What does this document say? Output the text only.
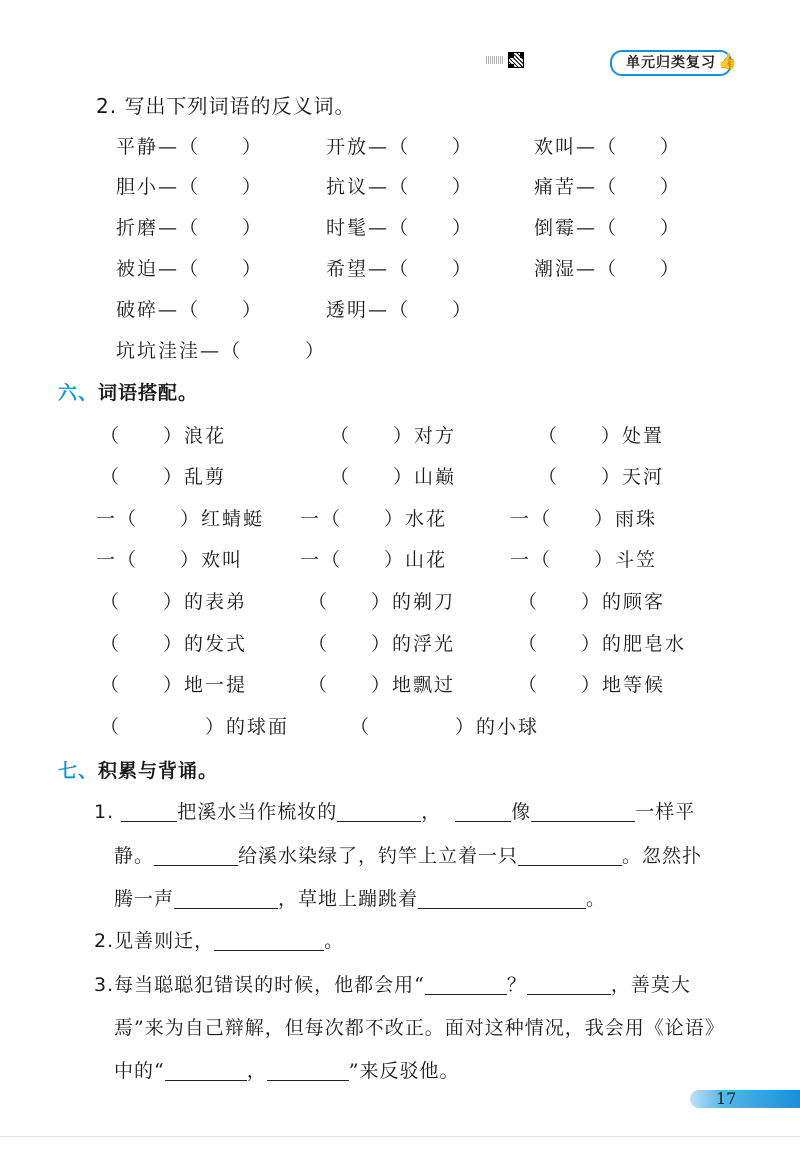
单元归类复习 👍
2. 写出下列词语的反义词。
平静—（　　）	开放—（　　）	欢叫—（　　）
胆小—（　　）	抗议—（　　）	痛苦—（　　）
折磨—（　　）	时髦—（　　）	倒霉—（　　）
被迫—（　　）	希望—（　　）	潮湿—（　　）
破碎—（　　）	透明—（　　）
坑坑洼洼—（　　　）
六、词语搭配。
（　　）浪花	（　　）对方	（　　）处置
（　　）乱剪	（　　）山巅	（　　）天河
一（　　）红蜻蜓 一（　　）水花	一（　　）雨珠
一（　　）欢叫	一（　　）山花	一（　　）斗笠
（　　）的表弟	（　　）的剃刀	（　　）的顾客
（　　）的发式	（　　）的浮光	（　　）的肥皂水
（　　）地一提	（　　）地飘过	（　　）地等候
（　　　　）的球面	（　　　　）的小球
七、积累与背诵。
1.	把溪水当作梳妆的	，	像	一样平
静。	给溪水染绿了，钓竿上立着一只	。忽然扑
腾一声	，草地上蹦跳着	。
2.见善则迁，	。
3.每当聪聪犯错误的时候，他都会用“	？	，善莫大
焉”来为自己辩解，但每次都不改正。面对这种情况，我会用《论语》
中的“	，	”来反驳他。
17
